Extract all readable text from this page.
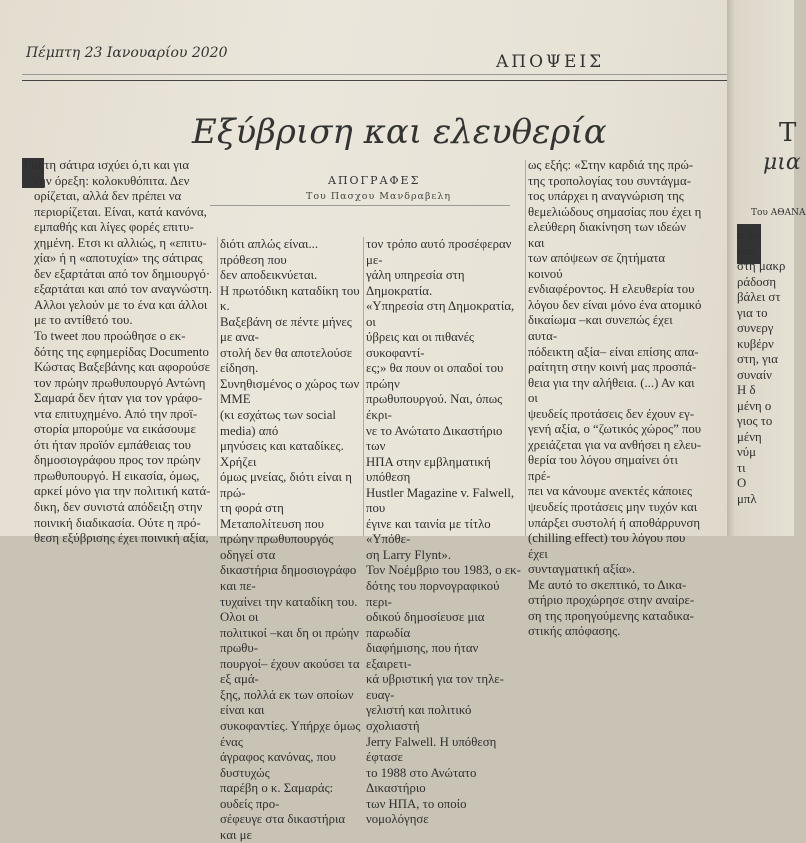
Πέμπτη 23 Ιανουαρίου 2020	ΑΠΟΨΕΙΣ
Εξύβριση και ελευθερία
ΑΠΟΓΡΑΦΕΣ
Του Πασχου Μανδραβελη
Για τη σάτιρα ισχύει ό,τι και για
την όρεξη: κολοκυθόπιτα. Δεν
ορίζεται, αλλά δεν πρέπει να
περιορίζεται. Είναι, κατά κανόνα,
εμπαθής και λίγες φορές επιτυ-
χημένη. Ετσι κι αλλιώς, η «επιτυ-
χία» ή η «αποτυχία» της σάτιρας
δεν εξαρτάται από τον δημιουργό·
εξαρτάται και από τον αναγνώστη.
Αλλοι γελούν με το ένα και άλλοι
με το αντίθετό του.
Το tweet που προώθησε ο εκ-
δότης της εφημερίδας Documento
Κώστας Βαξεβάνης και αφορούσε
τον πρώην πρωθυπουργό Αντώνη
Σαμαρά δεν ήταν για τον γράφο-
ντα επιτυχημένο. Από την προϊ-
στορία μπορούμε να εικάσουμε
ότι ήταν προϊόν εμπάθειας του
δημοσιογράφου προς τον πρώην
πρωθυπουργό. Η εικασία, όμως,
αρκεί μόνο για την πολιτική κατά-
δικη, δεν συνιστά απόδειξη στην
ποινική διαδικασία. Ούτε η πρό-
θεση εξύβρισης έχει ποινική αξία,
διότι απλώς είναι... πρόθεση που
δεν αποδεικνύεται.
Η πρωτόδικη καταδίκη του κ.
Βαξεβάνη σε πέντε μήνες με ανα-
στολή δεν θα αποτελούσε είδηση.
Συνηθισμένος ο χώρος των ΜΜΕ
(κι εσχάτως των social media) από
μηνύσεις και καταδίκες. Χρήζει
όμως μνείας, διότι είναι η πρώ-
τη φορά στη Μεταπολίτευση που
πρώην πρωθυπουργός οδηγεί στα
δικαστήρια δημοσιογράφο και πε-
τυχαίνει την καταδίκη του. Ολοι οι
πολιτικοί –και δη οι πρώην πρωθυ-
πουργοί– έχουν ακούσει τα εξ αμά-
ξης, πολλά εκ των οποίων είναι και
συκοφαντίες. Υπήρχε όμως ένας
άγραφος κανόνας, που δυστυχώς
παρέβη ο κ. Σαμαράς: ουδείς προ-
σέφευγε στα δικαστήρια και με
τον τρόπο αυτό προσέφεραν με-
γάλη υπηρεσία στη Δημοκρατία.
«Υπηρεσία στη Δημοκρατία, οι
ύβρεις και οι πιθανές συκοφαντί-
ες;» θα πουν οι οπαδοί του πρώην
πρωθυπουργού. Ναι, όπως έκρι-
νε το Ανώτατο Δικαστήριο των
ΗΠΑ στην εμβληματική υπόθεση
Hustler Magazine v. Falwell, που
έγινε και ταινία με τίτλο «Υπόθε-
ση Larry Flynt».
Τον Νοέμβριο του 1983, ο εκ-
δότης του πορνογραφικού περι-
οδικού δημοσίευσε μια παρωδία
διαφήμισης, που ήταν εξαιρετι-
κά υβριστική για τον τηλε-ευαγ-
γελιστή και πολιτικό σχολιαστή
Jerry Falwell. Η υπόθεση έφτασε
το 1988 στο Ανώτατο Δικαστήριο
των ΗΠΑ, το οποίο νομολόγησε
ως εξής: «Στην καρδιά της πρώ-
της τροπολογίας του συντάγμα-
τος υπάρχει η αναγνώριση της
θεμελιώδους σημασίας που έχει η
ελεύθερη διακίνηση των ιδεών και
των απόψεων σε ζητήματα κοινού
ενδιαφέροντος. Η ελευθερία του
λόγου δεν είναι μόνο ένα ατομικό
δικαίωμα –και συνεπώς έχει αυτα-
πόδεικτη αξία– είναι επίσης απα-
ραίτητη στην κοινή μας προσπά-
θεια για την αλήθεια. (...) Αν και οι
ψευδείς προτάσεις δεν έχουν εγ-
γενή αξία, ο “ζωτικός χώρος” που
χρειάζεται για να ανθήσει η ελευ-
θερία του λόγου σημαίνει ότι πρέ-
πει να κάνουμε ανεκτές κάποιες
ψευδείς προτάσεις μην τυχόν και
υπάρξει συστολή ή αποθάρρυνση
(chilling effect) του λόγου που έχει
συνταγματική αξία».
Με αυτό το σκεπτικό, το Δικα-
στήριο προχώρησε στην αναίρε-
ση της προηγούμενης καταδικα-
στικής απόφασης.
Τ
μια
Του ΑΘΑΝΑ
α δώ
τον
στη μακρ
ράδοση
βάλει στ
για το
συνεργ
κυβέρν
στη, για
συναίν
Η δ
μένη ο
γιος το
μένη
νύμ
τι
Ο
μπλ
